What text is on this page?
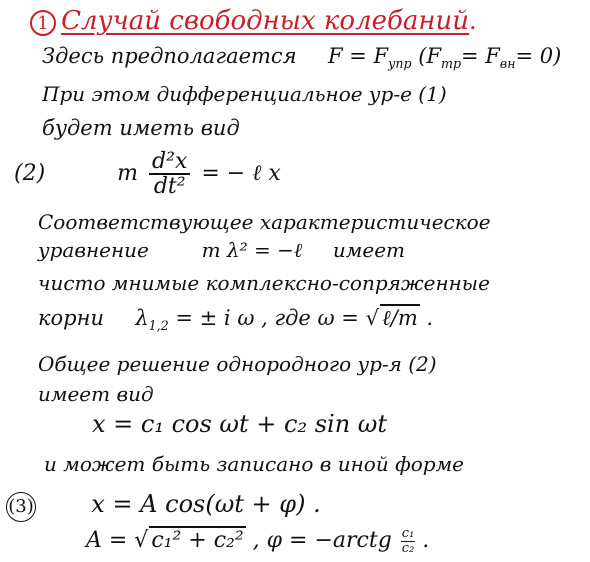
1 Случай свободных колебаний.
Здесь предполагается $F = F_{упр}$ $(F_{тр}= F_{вн}= 0)$
При этом дифференциальное ур-е (1)
будет иметь вид
(2)	m $\frac{\text{d²x}}{\text{dt²}}$ = − ℓ x
Соответствующее характеристическое
уравнение	m λ² = −ℓ имеет
чисто мнимые комплексно-сопряженные
корни $\lambda_{1,2}$ = ± i ω , где ω = √ ℓ/m .
Общее решение однородного ур-я (2)
имеет вид
x = c₁ cos ωt + c₂ sin ωt
и может быть записано в иной форме
(3) x = A cos(ωt + φ) .
A = √ c₁² + c₂² , φ = −arctg $\frac{\text{c₁}}{\text{c₂}}$ .
